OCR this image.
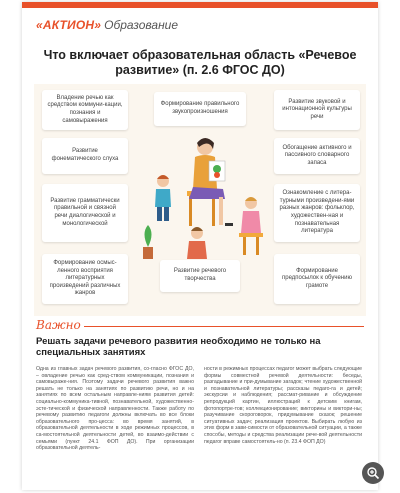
«АКТИОН» Образование
Что включает образовательная область «Речевое развитие» (п. 2.6 ФГОС ДО)
Владение речью как средством коммуни-кации, познания и самовыражения
Формирование правильного звукопроизношения
Развитие звуковой и интонационной культуры речи
Развитие фонематического слуха
Обогащение активного и пассивного словарного запаса
Развитие грамматически правильной и связной речи диалогической и монологической
Ознакомление с литера-турными произведени-ями разных жанров: фольклор, художествен-ная и познавательная литература
Формирование осмыс-ленного восприятия литературных произведений различных жанров
Развитие речевого творчества
Формирование предпосылок к обучению грамоте
Важно
Решать задачи речевого развития необходимо не только на специальных занятиях
Одна из главных задач речевого развития, со-гласно ФГОС ДО, – овладение речью как сред-ством коммуникации, познания и самовыраже-ния. Поэтому задачи речевого развития важно решать не только на занятиях по развитию речи, но и на занятиях по всем остальным направле-ниям развития детей: социально-коммуника-тивной, познавательной, художественно-эсте-тической и физической направленности. Также работу по речевому развитию педагоги должны включать во все блоки образовательного про-цесса: во время занятий, в образовательной деятельности в ходе режимных процессов, в са-мостоятельной деятельности детей, во взаимо-действии с семьями (пункт 24.1 ФОП ДО). При организации образовательной деятель-
ности в режимных процессах педагог может выбрать следующие формы совместной речевой деятельности: беседы, разгадывание и при-думывание загадок; чтение художественной и познавательной литературы; рассказы педаго-га и детей; экскурсии и наблюдения; рассмат-ривание и обсуждение репродукций картин, иллюстраций к детским книгам, фотопортре-тов; коллекционирование; викторины и виктори-ны; разучивание скороговорок, придумывание сказок; решение ситуативных задач; реализация проектов. Выбирать любую из этих форм в зави-симости от образовательной ситуации, а также способы, методы и средства реализации рече-вой деятельности педагог вправе самостоятель-но (п. 23.4 ФОП ДО)
